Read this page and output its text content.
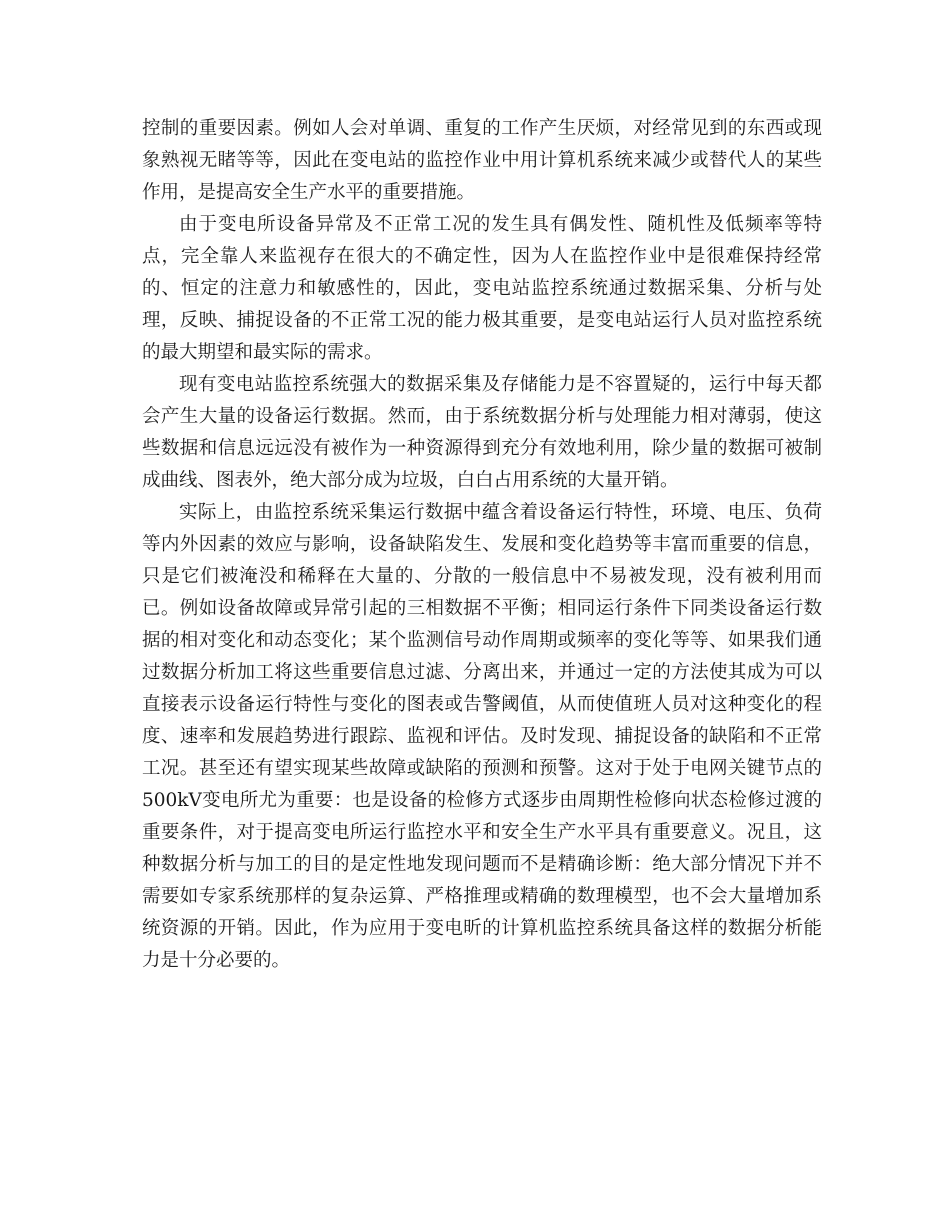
控制的重要因素。例如人会对单调、重复的工作产生厌烦，对经常见到的东西或现象熟视无睹等等，因此在变电站的监控作业中用计算机系统来减少或替代人的某些作用，是提高安全生产水平的重要措施。

由于变电所设备异常及不正常工况的发生具有偶发性、随机性及低频率等特点，完全靠人来监视存在很大的不确定性，因为人在监控作业中是很难保持经常的、恒定的注意力和敏感性的，因此，变电站监控系统通过数据采集、分析与处理，反映、捕捉设备的不正常工况的能力极其重要，是变电站运行人员对监控系统的最大期望和最实际的需求。

现有变电站监控系统强大的数据采集及存储能力是不容置疑的，运行中每天都会产生大量的设备运行数据。然而，由于系统数据分析与处理能力相对薄弱，使这些数据和信息远远没有被作为一种资源得到充分有效地利用，除少量的数据可被制成曲线、图表外，绝大部分成为垃圾，白白占用系统的大量开销。

实际上，由监控系统采集运行数据中蕴含着设备运行特性，环境、电压、负荷等内外因素的效应与影响，设备缺陷发生、发展和变化趋势等丰富而重要的信息，只是它们被淹没和稀释在大量的、分散的一般信息中不易被发现，没有被利用而已。例如设备故障或异常引起的三相数据不平衡；相同运行条件下同类设备运行数据的相对变化和动态变化；某个监测信号动作周期或频率的变化等等、如果我们通过数据分析加工将这些重要信息过滤、分离出来，并通过一定的方法使其成为可以直接表示设备运行特性与变化的图表或告警阈值，从而使值班人员对这种变化的程度、速率和发展趋势进行跟踪、监视和评估。及时发现、捕捉设备的缺陷和不正常工况。甚至还有望实现某些故障或缺陷的预测和预警。这对于处于电网关键节点的500kV变电所尤为重要：也是设备的检修方式逐步由周期性检修向状态检修过渡的重要条件，对于提高变电所运行监控水平和安全生产水平具有重要意义。况且，这种数据分析与加工的目的是定性地发现问题而不是精确诊断：绝大部分情况下并不需要如专家系统那样的复杂运算、严格推理或精确的数理模型，也不会大量增加系统资源的开销。因此，作为应用于变电昕的计算机监控系统具备这样的数据分析能力是十分必要的。
